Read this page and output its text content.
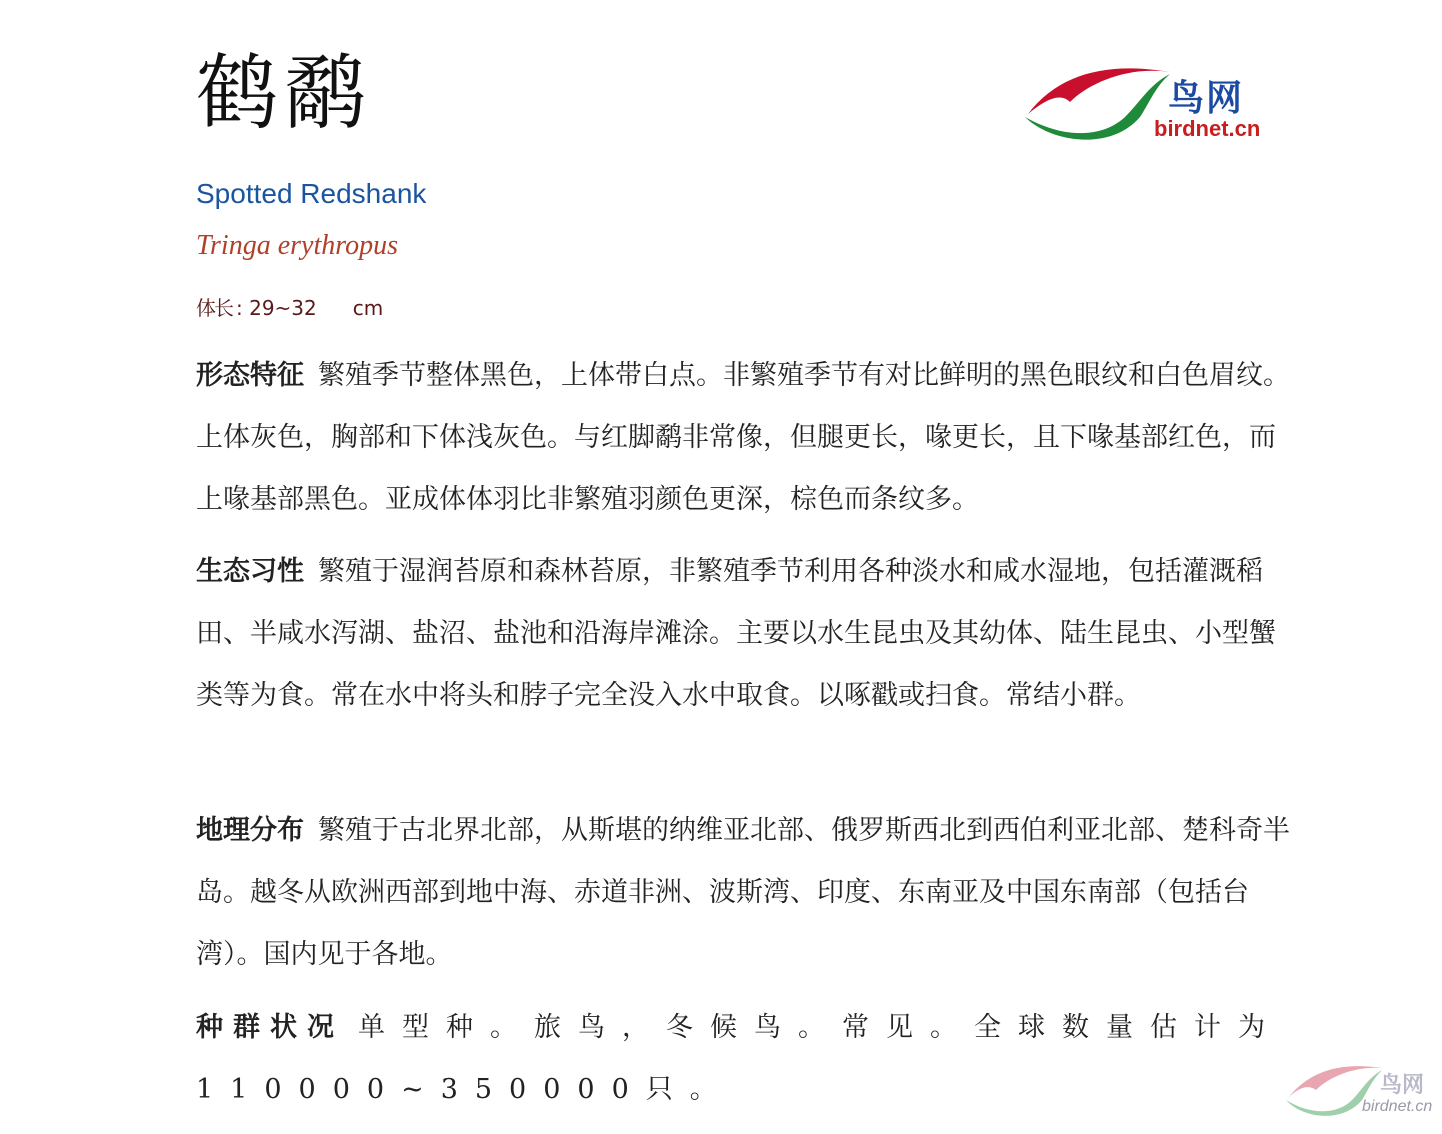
鹤鹬	鸟网
birdnet.cn
Spotted Redshank
Tringa erythropus
体长 : 29~32 cm
形态特征 繁殖季节整体黑色，上体带白点。非繁殖季节有对比鲜明的黑色眼纹和白色眉纹。上体灰色，胸部和下体浅灰色。与红脚鹬非常像，但腿更长，喙更长，且下喙基部红色，而上喙基部黑色。亚成体体羽比非繁殖羽颜色更深，棕色而条纹多。
生态习性 繁殖于湿润苔原和森林苔原，非繁殖季节利用各种淡水和咸水湿地，包括灌溉稻田、半咸水泻湖、盐沼、盐池和沿海岸滩涂。主要以水生昆虫及其幼体、陆生昆虫、小型蟹类等为食。常在水中将头和脖子完全没入水中取食。以啄戳或扫食。常结小群。
地理分布 繁殖于古北界北部，从斯堪的纳维亚北部、俄罗斯西北到西伯利亚北部、楚科奇半岛。越冬从欧洲西部到地中海、赤道非洲、波斯湾、印度、东南亚及中国东南部（包括台湾）。国内见于各地。
种群状况 单型种。旅鸟，冬候鸟。常见。全球数量估计为110000~350000只。	鸟网
birdnet.cn
